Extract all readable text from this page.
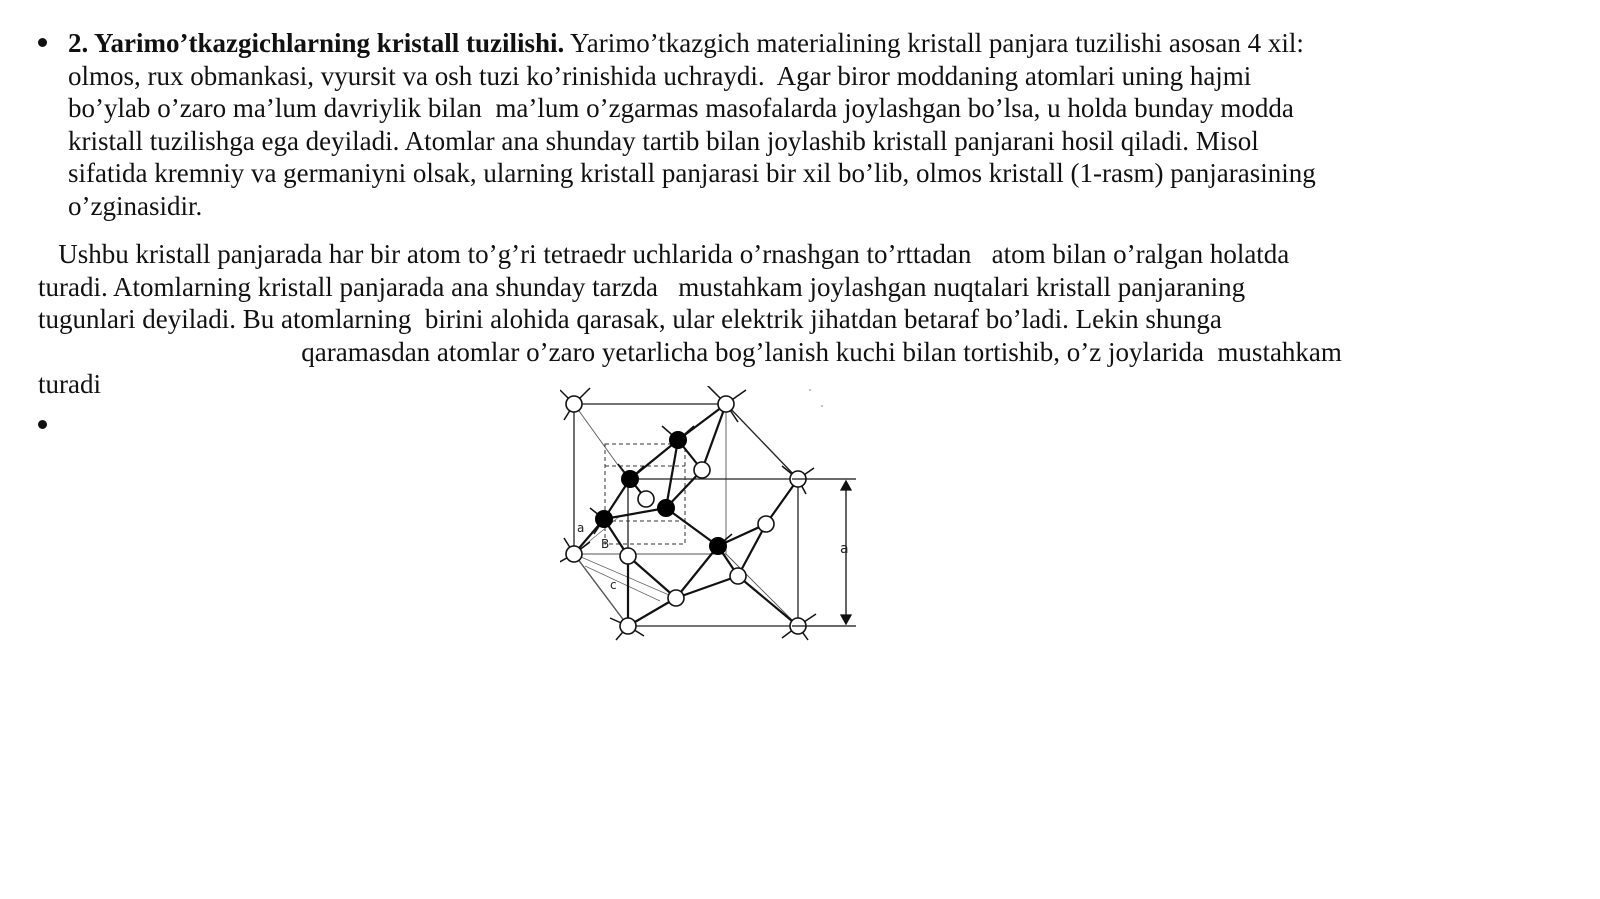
2. Yarimo’tkazgichlarning kristall tuzilishi. Yarimo’tkazgich materialining kristall panjara tuzilishi asosan 4 xil:
olmos, rux obmankasi, vyursit va osh tuzi ko’rinishida uchraydi.  Agar biror moddaning atomlari uning hajmi
bo’ylab o’zaro ma’lum davriylik bilan  ma’lum o’zgarmas masofalarda joylashgan bo’lsa, u holda bunday modda
kristall tuzilishga ega deyiladi. Atomlar ana shunday tartib bilan joylashib kristall panjarani hosil qiladi. Misol
sifatida kremniy va germaniyni olsak, ularning kristall panjarasi bir xil bo’lib, olmos kristall (1-rasm) panjarasining
o’zginasidir.

Ushbu kristall panjarada har bir atom to’g’ri tetraedr uchlarida o’rnashgan to’rttadan   atom bilan o’ralgan holatda
turadi. Atomlarning kristall panjarada ana shunday tarzda   mustahkam joylashgan nuqtalari kristall panjaraning
tugunlari deyiladi. Bu atomlarning  birini alohida qarasak, ular elektrik jihatdan betaraf bo’ladi. Lekin shunga
qaramasdan atomlar o’zaro yetarlicha bog’lanish kuchi bilan tortishib, o’z joylarida  mustahkam
turadi

a
B
c
a
